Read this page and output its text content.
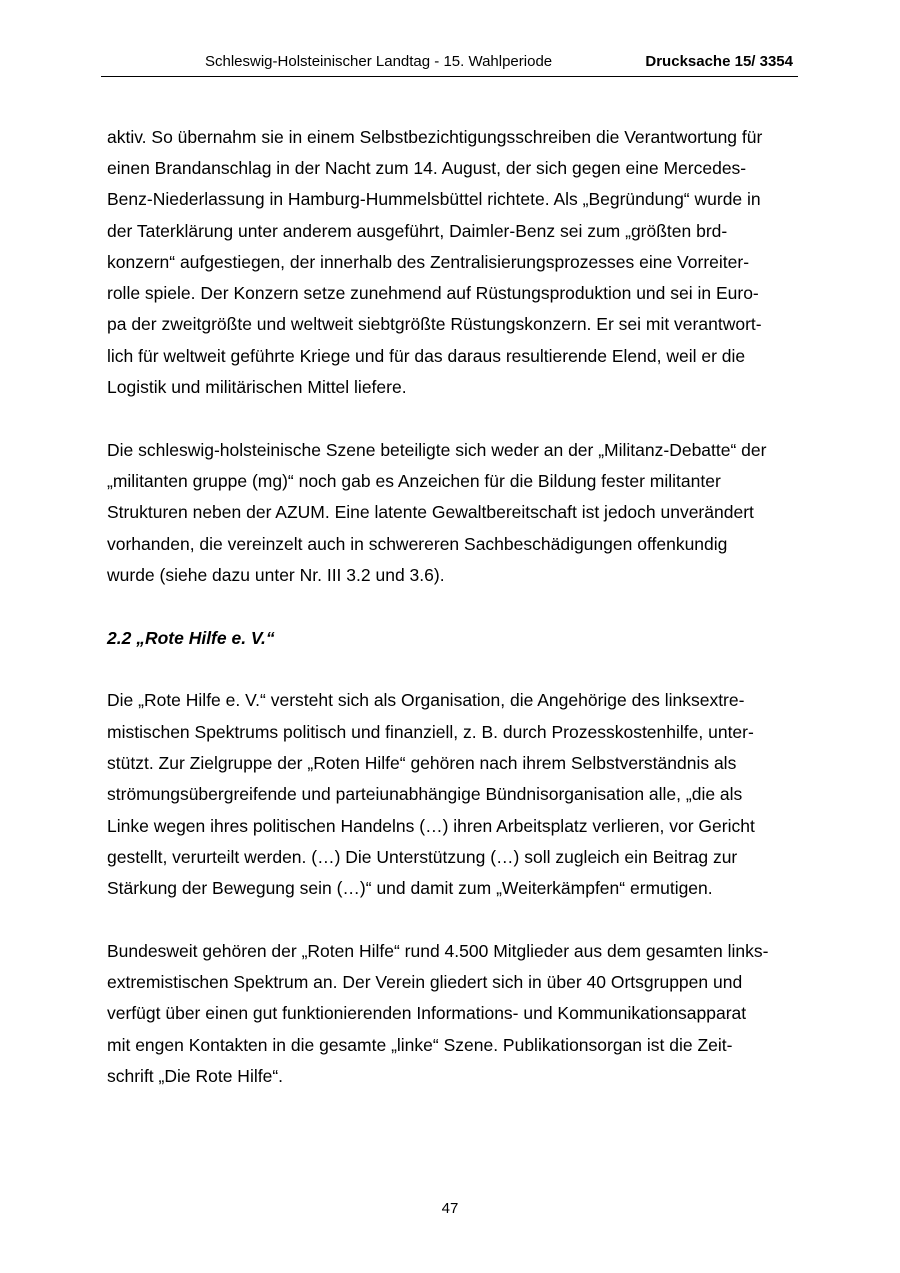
Schleswig-Holsteinischer Landtag - 15. Wahlperiode	Drucksache 15/ 3354
aktiv. So übernahm sie in einem Selbstbezichtigungsschreiben die Verantwortung für
einen Brandanschlag in der Nacht zum 14. August, der sich gegen eine Mercedes-
Benz-Niederlassung in Hamburg-Hummelsbüttel richtete. Als „Begründung“ wurde in
der Taterklärung unter anderem ausgeführt, Daimler-Benz sei zum „größten brd-
konzern“ aufgestiegen, der innerhalb des Zentralisierungsprozesses eine Vorreiter-
rolle spiele. Der Konzern setze zunehmend auf Rüstungsproduktion und sei in Euro-
pa der zweitgrößte und weltweit siebtgrößte Rüstungskonzern. Er sei mit verantwort-
lich für weltweit geführte Kriege und für das daraus resultierende Elend, weil er die
Logistik und militärischen Mittel liefere.
Die schleswig-holsteinische Szene beteiligte sich weder an der „Militanz-Debatte“ der
„militanten gruppe (mg)“ noch gab es Anzeichen für die Bildung fester militanter
Strukturen neben der AZUM. Eine latente Gewaltbereitschaft ist jedoch unverändert
vorhanden, die vereinzelt auch in schwereren Sachbeschädigungen offenkundig
wurde (siehe dazu unter Nr. III 3.2 und 3.6).
2.2 „Rote Hilfe e. V.“
Die „Rote Hilfe e. V.“ versteht sich als Organisation, die Angehörige des linksextre-
mistischen Spektrums politisch und finanziell, z. B. durch Prozesskostenhilfe, unter-
stützt. Zur Zielgruppe der „Roten Hilfe“ gehören nach ihrem Selbstverständnis als
strömungsübergreifende und parteiunabhängige Bündnisorganisation alle, „die als
Linke wegen ihres politischen Handelns (…) ihren Arbeitsplatz verlieren, vor Gericht
gestellt, verurteilt werden. (…) Die Unterstützung (…) soll zugleich ein Beitrag zur
Stärkung der Bewegung sein (…)“ und damit zum „Weiterkämpfen“ ermutigen.
Bundesweit gehören der „Roten Hilfe“ rund 4.500 Mitglieder aus dem gesamten links-
extremistischen Spektrum an. Der Verein gliedert sich in über 40 Ortsgruppen und
verfügt über einen gut funktionierenden Informations- und Kommunikationsapparat
mit engen Kontakten in die gesamte „linke“ Szene. Publikationsorgan ist die Zeit-
schrift „Die Rote Hilfe“.
47
